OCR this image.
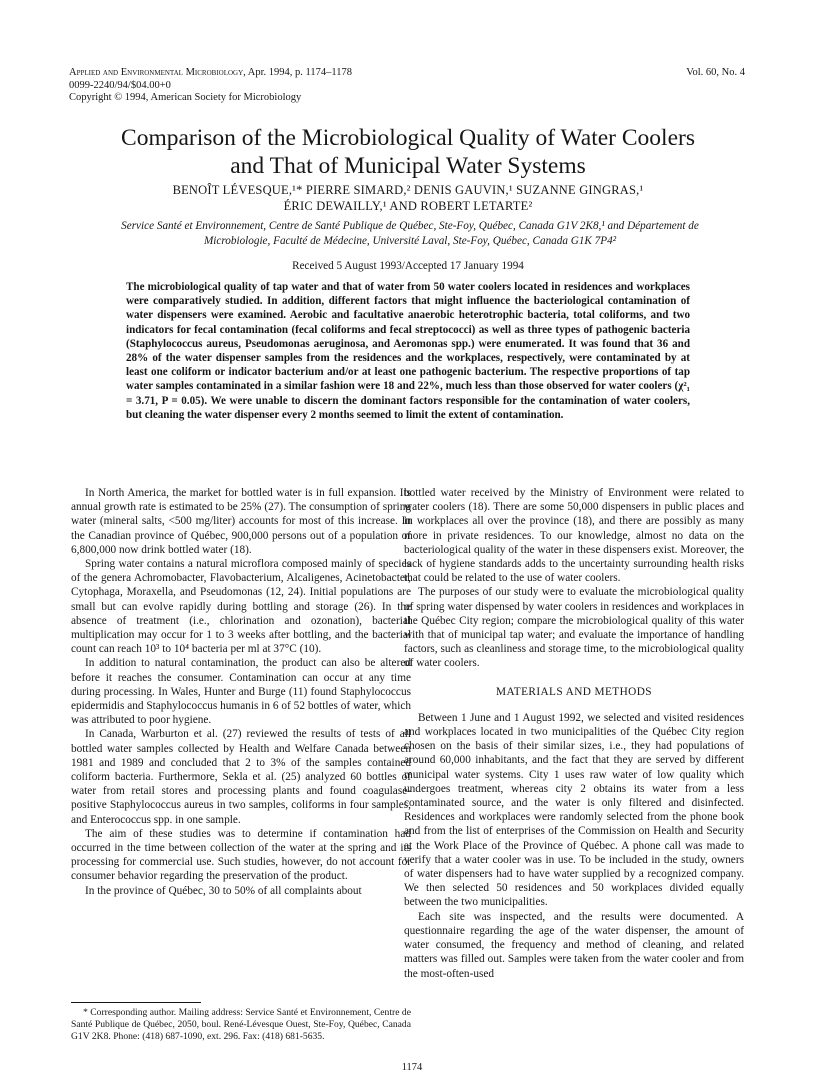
Applied and Environmental Microbiology, Apr. 1994, p. 1174–1178
0099-2240/94/$04.00+0
Copyright © 1994, American Society for Microbiology
Vol. 60, No. 4
Comparison of the Microbiological Quality of Water Coolers
and That of Municipal Water Systems
BENOÎT LÉVESQUE,¹* PIERRE SIMARD,² DENIS GAUVIN,¹ SUZANNE GINGRAS,¹
ÉRIC DEWAILLY,¹ AND ROBERT LETARTE²
Service Santé et Environnement, Centre de Santé Publique de Québec, Ste-Foy, Québec, Canada G1V 2K8,¹ and Département de Microbiologie, Faculté de Médecine, Université Laval, Ste-Foy, Québec, Canada G1K 7P4²
Received 5 August 1993/Accepted 17 January 1994
The microbiological quality of tap water and that of water from 50 water coolers located in residences and workplaces were comparatively studied. In addition, different factors that might influence the bacteriological contamination of water dispensers were examined. Aerobic and facultative anaerobic heterotrophic bacteria, total coliforms, and two indicators for fecal contamination (fecal coliforms and fecal streptococci) as well as three types of pathogenic bacteria (Staphylococcus aureus, Pseudomonas aeruginosa, and Aeromonas spp.) were enumerated. It was found that 36 and 28% of the water dispenser samples from the residences and the workplaces, respectively, were contaminated by at least one coliform or indicator bacterium and/or at least one pathogenic bacterium. The respective proportions of tap water samples contaminated in a similar fashion were 18 and 22%, much less than those observed for water coolers (χ²₁ = 3.71, P = 0.05). We were unable to discern the dominant factors responsible for the contamination of water coolers, but cleaning the water dispenser every 2 months seemed to limit the extent of contamination.

In North America, the market for bottled water is in full expansion. Its annual growth rate is estimated to be 25% (27). The consumption of spring water (mineral salts, <500 mg/liter) accounts for most of this increase. In the Canadian province of Québec, 900,000 persons out of a population of 6,800,000 now drink bottled water (18).

Spring water contains a natural microflora composed mainly of species of the genera Achromobacter, Flavobacterium, Alcaligenes, Acinetobacter, Cytophaga, Moraxella, and Pseudomonas (12, 24). Initial populations are small but can evolve rapidly during bottling and storage (26). In the absence of treatment (i.e., chlorination and ozonation), bacterial multiplication may occur for 1 to 3 weeks after bottling, and the bacterial count can reach 10³ to 10⁴ bacteria per ml at 37°C (10).

In addition to natural contamination, the product can also be altered before it reaches the consumer. Contamination can occur at any time during processing. In Wales, Hunter and Burge (11) found Staphylococcus epidermidis and Staphylococcus humanis in 6 of 52 bottles of water, which was attributed to poor hygiene.

In Canada, Warburton et al. (27) reviewed the results of tests of all bottled water samples collected by Health and Welfare Canada between 1981 and 1989 and concluded that 2 to 3% of the samples contained coliform bacteria. Furthermore, Sekla et al. (25) analyzed 60 bottles of water from retail stores and processing plants and found coagulase-positive Staphylococcus aureus in two samples, coliforms in four samples, and Enterococcus spp. in one sample.

The aim of these studies was to determine if contamination had occurred in the time between collection of the water at the spring and its processing for commercial use. Such studies, however, do not account for consumer behavior regarding the preservation of the product.

In the province of Québec, 30 to 50% of all complaints about

bottled water received by the Ministry of Environment were related to water coolers (18). There are some 50,000 dispensers in public places and in workplaces all over the province (18), and there are possibly as many more in private residences. To our knowledge, almost no data on the bacteriological quality of the water in these dispensers exist. Moreover, the lack of hygiene standards adds to the uncertainty surrounding health risks that could be related to the use of water coolers.

The purposes of our study were to evaluate the microbiological quality of spring water dispensed by water coolers in residences and workplaces in the Québec City region; compare the microbiological quality of this water with that of municipal tap water; and evaluate the importance of handling factors, such as cleanliness and storage time, to the microbiological quality of water coolers.

MATERIALS AND METHODS

Between 1 June and 1 August 1992, we selected and visited residences and workplaces located in two municipalities of the Québec City region chosen on the basis of their similar sizes, i.e., they had populations of around 60,000 inhabitants, and the fact that they are served by different municipal water systems. City 1 uses raw water of low quality which undergoes treatment, whereas city 2 obtains its water from a less contaminated source, and the water is only filtered and disinfected. Residences and workplaces were randomly selected from the phone book and from the list of enterprises of the Commission on Health and Security at the Work Place of the Province of Québec. A phone call was made to verify that a water cooler was in use. To be included in the study, owners of water dispensers had to have water supplied by a recognized company. We then selected 50 residences and 50 workplaces divided equally between the two municipalities.

Each site was inspected, and the results were documented. A questionnaire regarding the age of the water dispenser, the amount of water consumed, the frequency and method of cleaning, and related matters was filled out. Samples were taken from the water cooler and from the most-often-used

* Corresponding author. Mailing address: Service Santé et Environnement, Centre de Santé Publique de Québec, 2050, boul. René-Lévesque Ouest, Ste-Foy, Québec, Canada G1V 2K8. Phone: (418) 687-1090, ext. 296. Fax: (418) 681-5635.
1174
